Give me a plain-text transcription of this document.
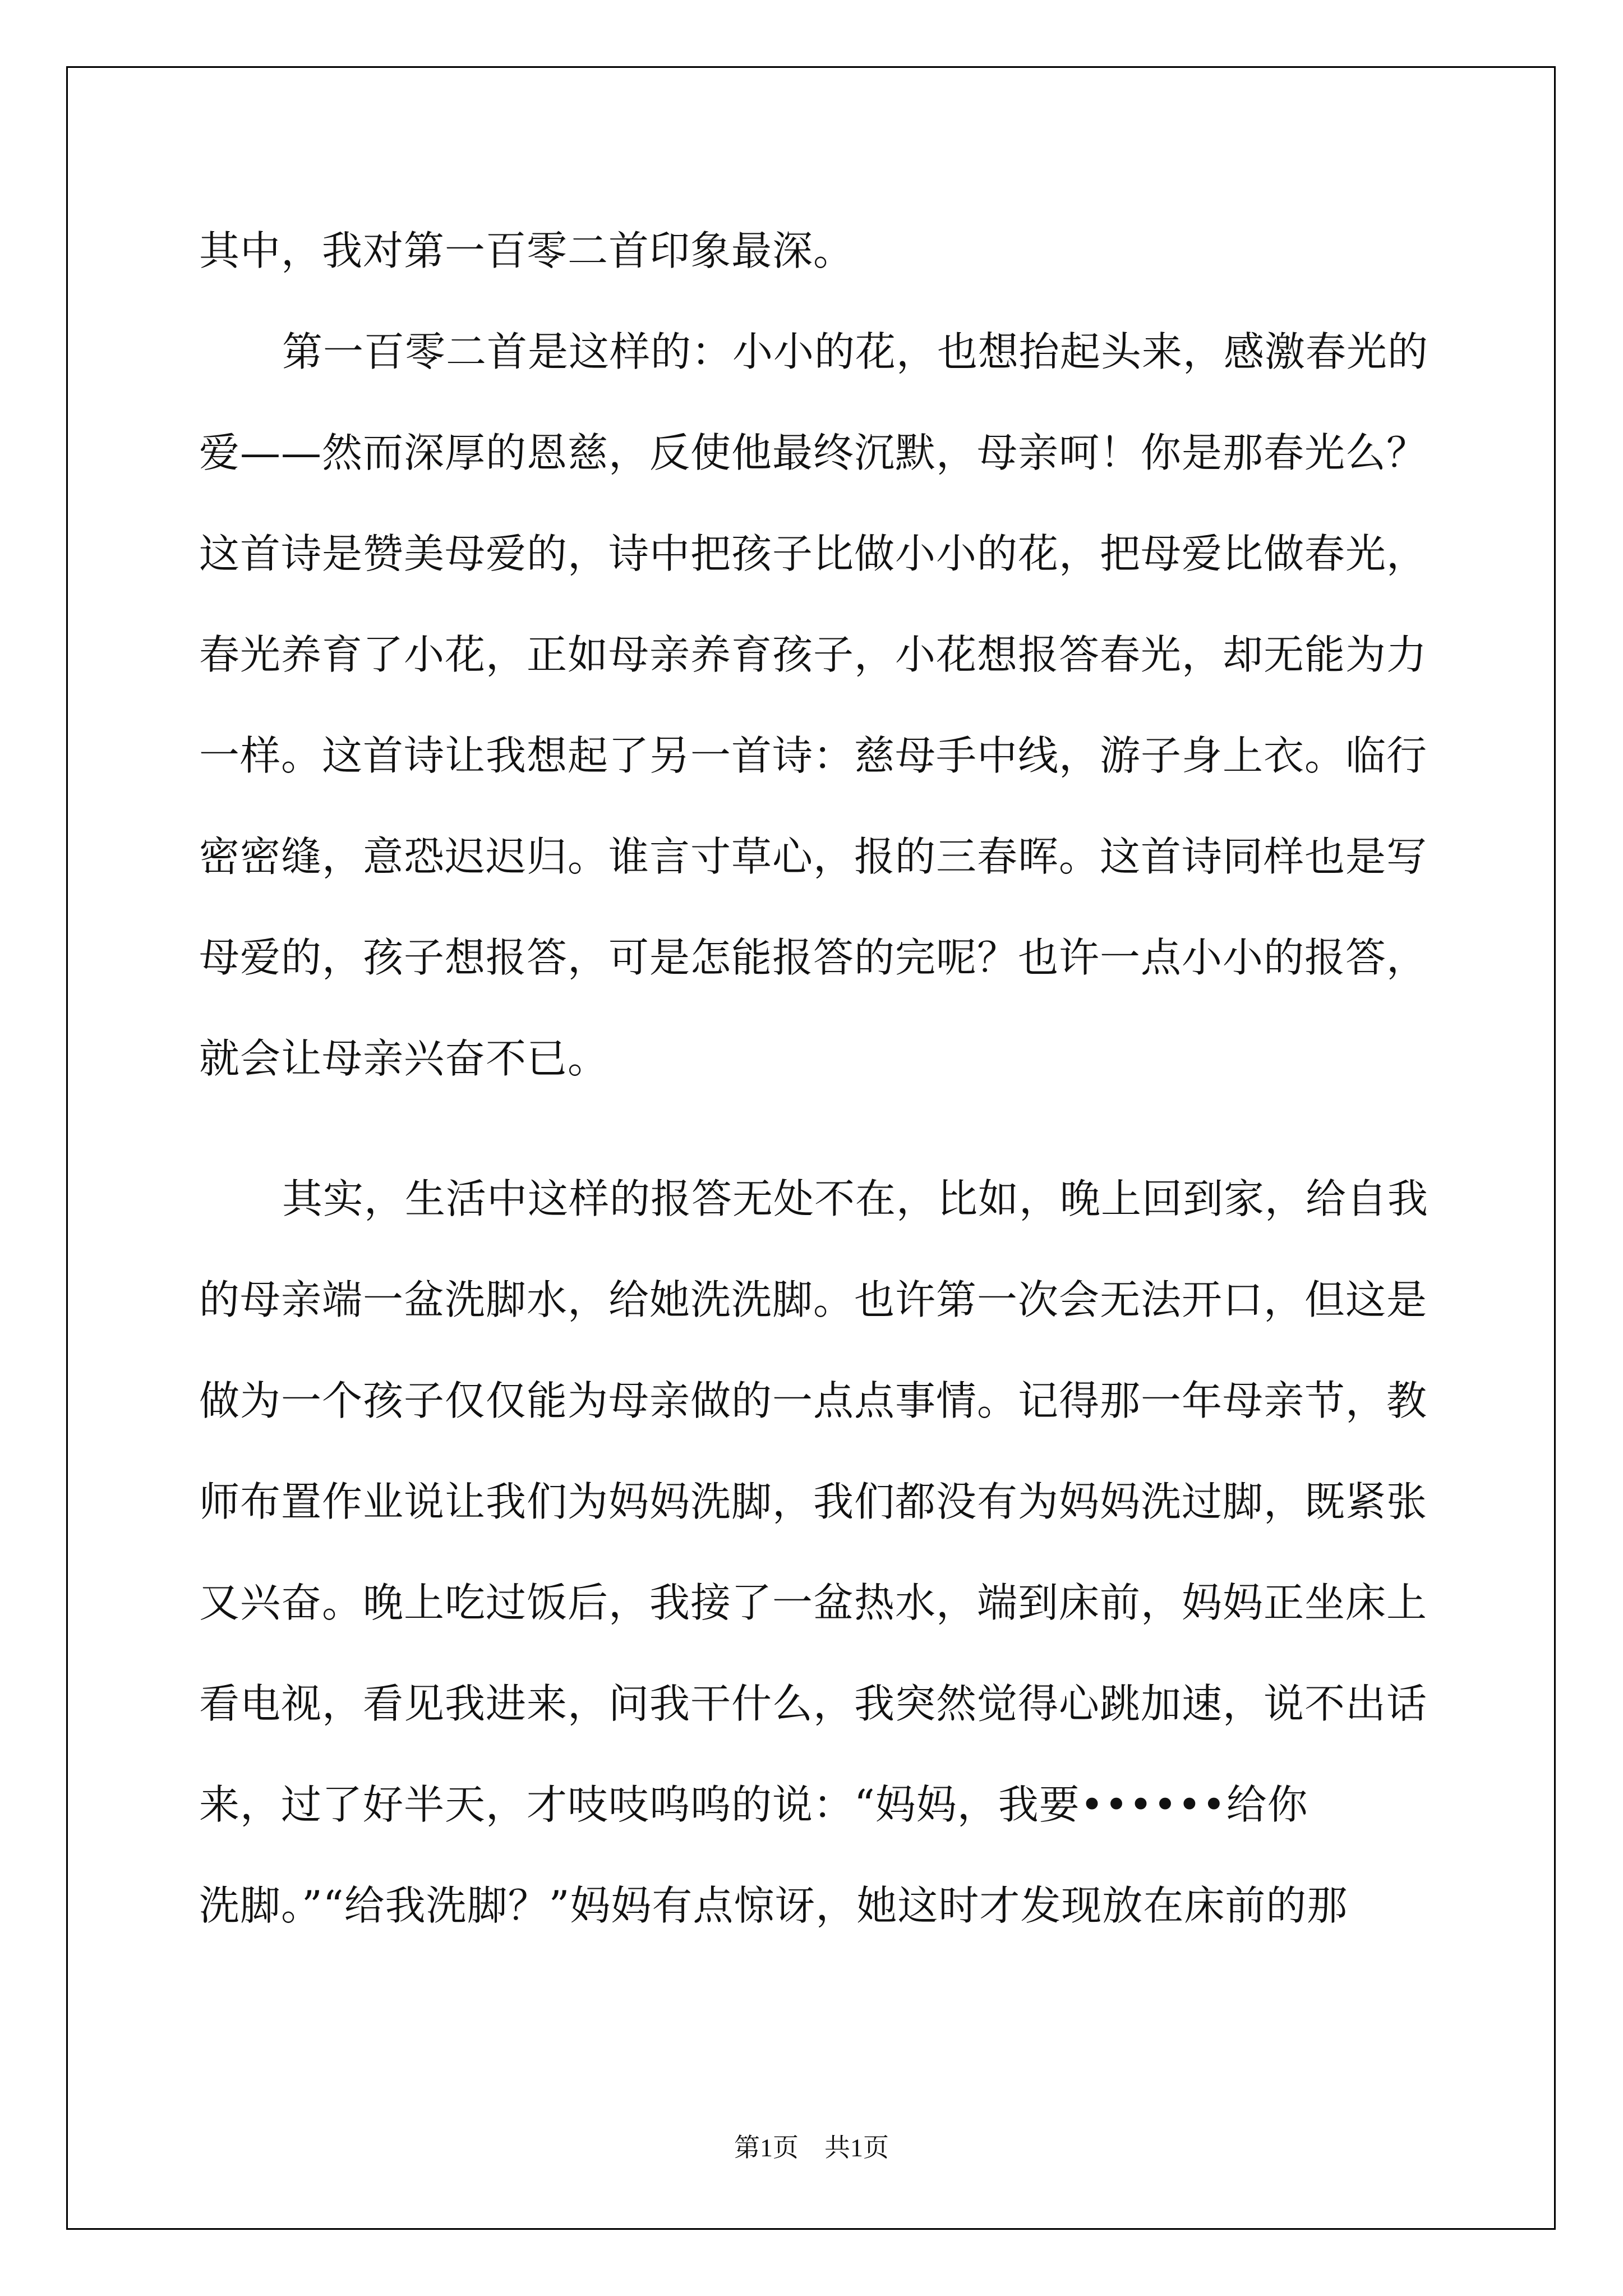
其中，我对第一百零二首印象最深。
第一百零二首是这样的：小小的花，也想抬起头来，感激春光的
爱——然而深厚的恩慈，反使他最终沉默，母亲呵！你是那春光么？
这首诗是赞美母爱的，诗中把孩子比做小小的花，把母爱比做春光，
春光养育了小花，正如母亲养育孩子，小花想报答春光，却无能为力
一样。这首诗让我想起了另一首诗：慈母手中线，游子身上衣。临行
密密缝，意恐迟迟归。谁言寸草心，报的三春晖。这首诗同样也是写
母爱的，孩子想报答，可是怎能报答的完呢？也许一点小小的报答，
就会让母亲兴奋不已。
其实，生活中这样的报答无处不在，比如，晚上回到家，给自我
的母亲端一盆洗脚水，给她洗洗脚。也许第一次会无法开口，但这是
做为一个孩子仅仅能为母亲做的一点点事情。记得那一年母亲节，教
师布置作业说让我们为妈妈洗脚，我们都没有为妈妈洗过脚，既紧张
又兴奋。晚上吃过饭后，我接了一盆热水，端到床前，妈妈正坐床上
看电视，看见我进来，问我干什么，我突然觉得心跳加速，说不出话
来，过了好半天，才吱吱呜呜的说：“妈妈，我要••••••给你
洗脚。”“给我洗脚？”妈妈有点惊讶，她这时才发现放在床前的那
第1页　共1页
